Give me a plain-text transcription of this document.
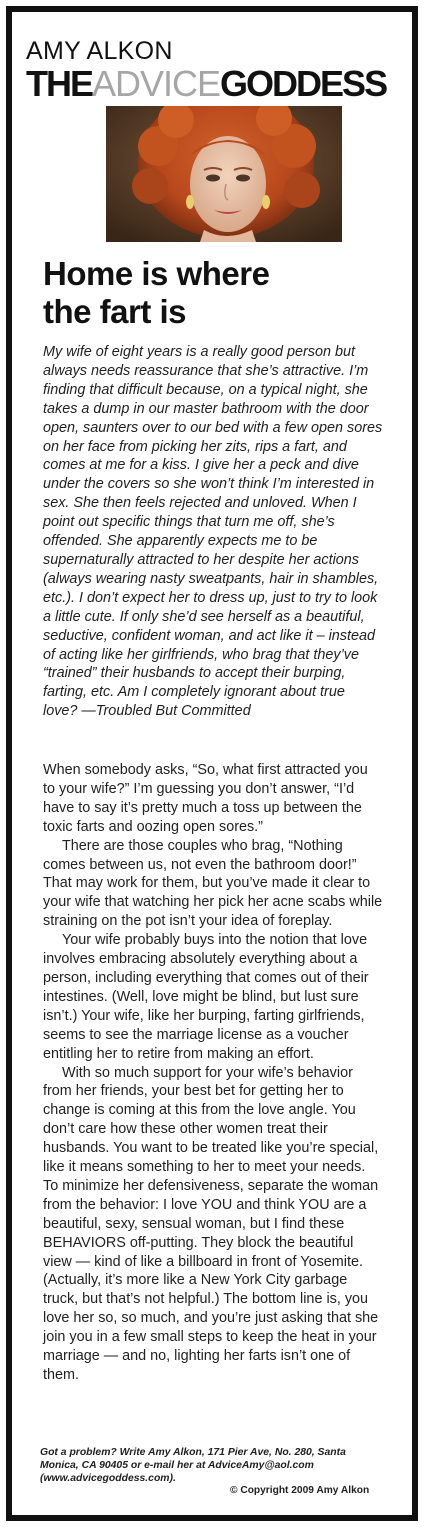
AMY ALKON
THEADVICEGODDESS
Home is where
the fart is

My wife of eight years is a really good person but always needs reassurance that she’s attractive. I’m finding that difficult because, on a typical night, she takes a dump in our master bathroom with the door open, saunters over to our bed with a few open sores on her face from picking her zits, rips a fart, and comes at me for a kiss. I give her a peck and dive under the covers so she won’t think I’m interested in sex. She then feels rejected and unloved. When I point out specific things that turn me off, she’s offended. She apparently expects me to be supernaturally attracted to her despite her actions (always wearing nasty sweatpants, hair in shambles, etc.). I don’t expect her to dress up, just to try to look a little cute. If only she’d see herself as a beautiful, seductive, confident woman, and act like it – instead of acting like her girlfriends, who brag that they’ve “trained” their husbands to accept their burping, farting, etc. Am I completely ignorant about true love? —Troubled But Committed

When somebody asks, “So, what first attracted you to your wife?” I’m guessing you don’t answer, “I’d have to say it’s pretty much a toss up between the toxic farts and oozing open sores.”

There are those couples who brag, “Nothing comes between us, not even the bathroom door!” That may work for them, but you’ve made it clear to your wife that watching her pick her acne scabs while straining on the pot isn’t your idea of foreplay.

Your wife probably buys into the notion that love involves embracing absolutely everything about a person, including everything that comes out of their intestines. (Well, love might be blind, but lust sure isn’t.) Your wife, like her burping, farting girlfriends, seems to see the marriage license as a voucher entitling her to retire from making an effort.

With so much support for your wife’s behavior from her friends, your best bet for getting her to change is coming at this from the love angle. You don’t care how these other women treat their husbands. You want to be treated like you’re special, like it means something to her to meet your needs. To minimize her defensiveness, separate the woman from the behavior: I love YOU and think YOU are a beautiful, sexy, sensual woman, but I find these BEHAVIORS off-putting. They block the beautiful view — kind of like a billboard in front of Yosemite. (Actually, it’s more like a New York City garbage truck, but that’s not helpful.) The bottom line is, you love her so, so much, and you’re just asking that she join you in a few small steps to keep the heat in your marriage — and no, lighting her farts isn’t one of them.

Got a problem? Write Amy Alkon, 171 Pier Ave, No. 280, Santa Monica, CA 90405 or e-mail her at AdviceAmy@aol.com (www.advicegoddess.com).

© Copyright 2009 Amy Alkon
